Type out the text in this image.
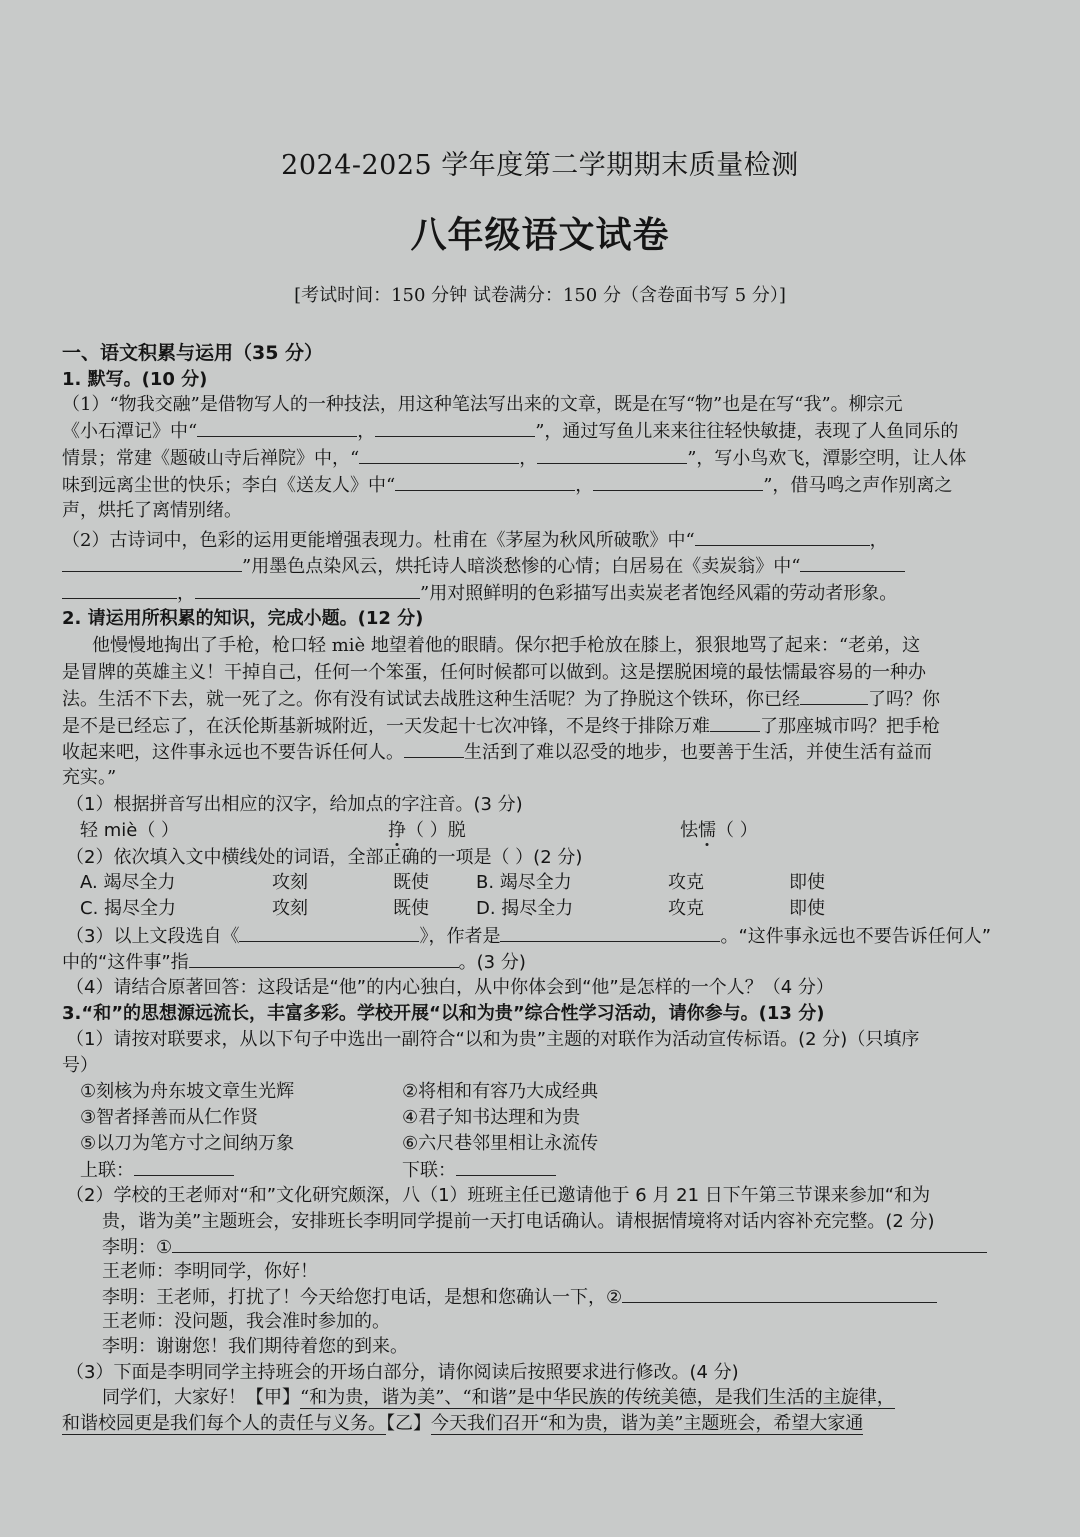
2024-2025 学年度第二学期期末质量检测
八年级语文试卷
[考试时间：150 分钟 试卷满分：150 分（含卷面书写 5 分）]
一、语文积累与运用（35 分）
1. 默写。(10 分)
（1）“物我交融”是借物写人的一种技法，用这种笔法写出来的文章，既是在写“物”也是在写“我”。柳宗元
《小石潭记》中“	，	”，通过写鱼儿来来往往轻快敏捷，表现了人鱼同乐的
情景；常建《题破山寺后禅院》中，“	，	”，写小鸟欢飞，潭影空明，让人体
味到远离尘世的快乐；李白《送友人》中“	，	”，借马鸣之声作别离之
声，烘托了离情别绪。
（2）古诗词中，色彩的运用更能增强表现力。杜甫在《茅屋为秋风所破歌》中“	，
”用墨色点染风云，烘托诗人暗淡愁惨的心情；白居易在《卖炭翁》中“
，	”用对照鲜明的色彩描写出卖炭老者饱经风霜的劳动者形象。
2. 请运用所积累的知识，完成小题。(12 分)
他慢慢地掏出了手枪，枪口轻 miè 地望着他的眼睛。保尔把手枪放在膝上，狠狠地骂了起来：“老弟，这
是冒牌的英雄主义！干掉自己，任何一个笨蛋，任何时候都可以做到。这是摆脱困境的最怯懦最容易的一种办
法。生活不下去，就一死了之。你有没有试试去战胜这种生活呢？为了挣脱这个铁环，你已经	了吗？你
是不是已经忘了，在沃伦斯基新城附近，一天发起十七次冲锋，不是终于排除万难	了那座城市吗？把手枪
收起来吧，这件事永远也不要告诉任何人。	生活到了难以忍受的地步，也要善于生活，并使生活有益而
充实。”
（1）根据拼音写出相应的汉字，给加点的字注音。(3 分)
轻 miè（ ）	挣（ ）脱	怯懦（ ）
（2）依次填入文中横线处的词语，全部正确的一项是（ ）(2 分)
A. 竭尽全力	攻刻	既使	B. 竭尽全力	攻克	即使
C. 揭尽全力	攻刻	既使	D. 揭尽全力	攻克	即使
（3）以上文段选自《	》，作者是	。“这件事永远也不要告诉任何人”
中的“这件事”指	。(3 分)
（4）请结合原著回答：这段话是“他”的内心独白，从中你体会到“他”是怎样的一个人？（4 分）
3.“和”的思想源远流长，丰富多彩。学校开展“以和为贵”综合性学习活动，请你参与。(13 分)
（1）请按对联要求，从以下句子中选出一副符合“以和为贵”主题的对联作为活动宣传标语。(2 分)（只填序
号）
①刻核为舟东坡文章生光辉	②将相和有容乃大成经典
③智者择善而从仁作贤	④君子知书达理和为贵
⑤以刀为笔方寸之间纳万象	⑥六尺巷邻里相让永流传
上联：	下联：
（2）学校的王老师对“和”文化研究颇深，八（1）班班主任已邀请他于 6 月 21 日下午第三节课来参加“和为
贵，谐为美”主题班会，安排班长李明同学提前一天打电话确认。请根据情境将对话内容补充完整。(2 分)
李明：①
王老师：李明同学，你好！
李明：王老师，打扰了！今天给您打电话，是想和您确认一下，②
王老师：没问题，我会准时参加的。
李明：谢谢您！我们期待着您的到来。
（3）下面是李明同学主持班会的开场白部分，请你阅读后按照要求进行修改。(4 分)
同学们，大家好！【甲】“和为贵，谐为美”、“和谐”是中华民族的传统美德，是我们生活的主旋律，
和谐校园更是我们每个人的责任与义务。【乙】今天我们召开“和为贵，谐为美”主题班会，希望大家通
